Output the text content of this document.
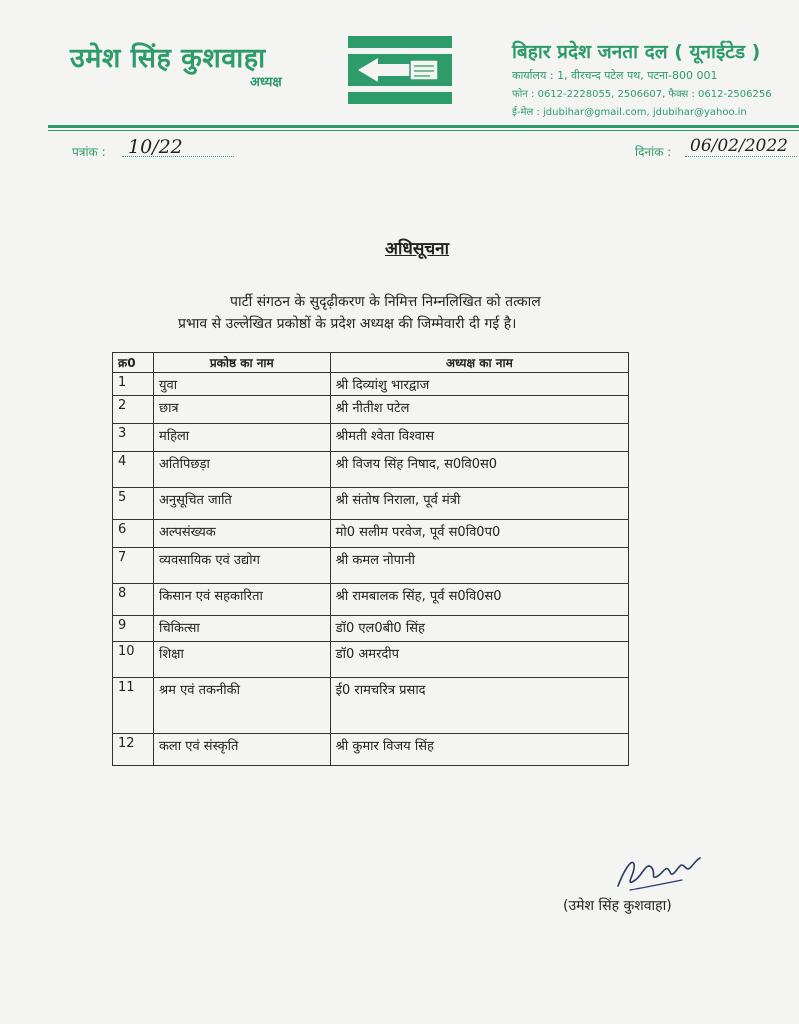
उमेश सिंह कुशवाहा
अध्यक्ष
बिहार प्रदेश जनता दल ( यूनाईटेड )
कार्यालय : 1, वीरचन्द पटेल पथ, पटना-800 001
फोन : 0612-2228055, 2506607, फैक्स : 0612-2506256
ई-मेल : jdubihar@gmail.com, jdubihar@yahoo.in
पत्रांक : 10/22	दिनांक : 06/02/2022
अधिसूचना
पार्टी संगठन के सुदृढ़ीकरण के निमित्त निम्नलिखित को तत्काल
प्रभाव से उल्लेखित प्रकोष्ठों के प्रदेश अध्यक्ष की जिम्मेवारी दी गई है।
क्र0	प्रकोष्ठ का नाम	अध्यक्ष का नाम
1	युवा	श्री दिव्यांशु भारद्वाज
2	छात्र	श्री नीतीश पटेल
3	महिला	श्रीमती श्वेता विश्वास
4	अतिपिछड़ा	श्री विजय सिंह निषाद, स0वि0स0
5	अनुसूचित जाति	श्री संतोष निराला, पूर्व मंत्री
6	अल्पसंख्यक	मो0 सलीम परवेज, पूर्व स0वि0प0
7	व्यवसायिक एवं उद्योग	श्री कमल नोपानी
8	किसान एवं सहकारिता	श्री रामबालक सिंह, पूर्व स0वि0स0
9	चिकित्सा	डॉ0 एल0बी0 सिंह
10	शिक्षा	डॉ0 अमरदीप
11	श्रम एवं तकनीकी	ई0 रामचरित्र प्रसाद
12	कला एवं संस्कृति	श्री कुमार विजय सिंह
(उमेश सिंह कुशवाहा)
